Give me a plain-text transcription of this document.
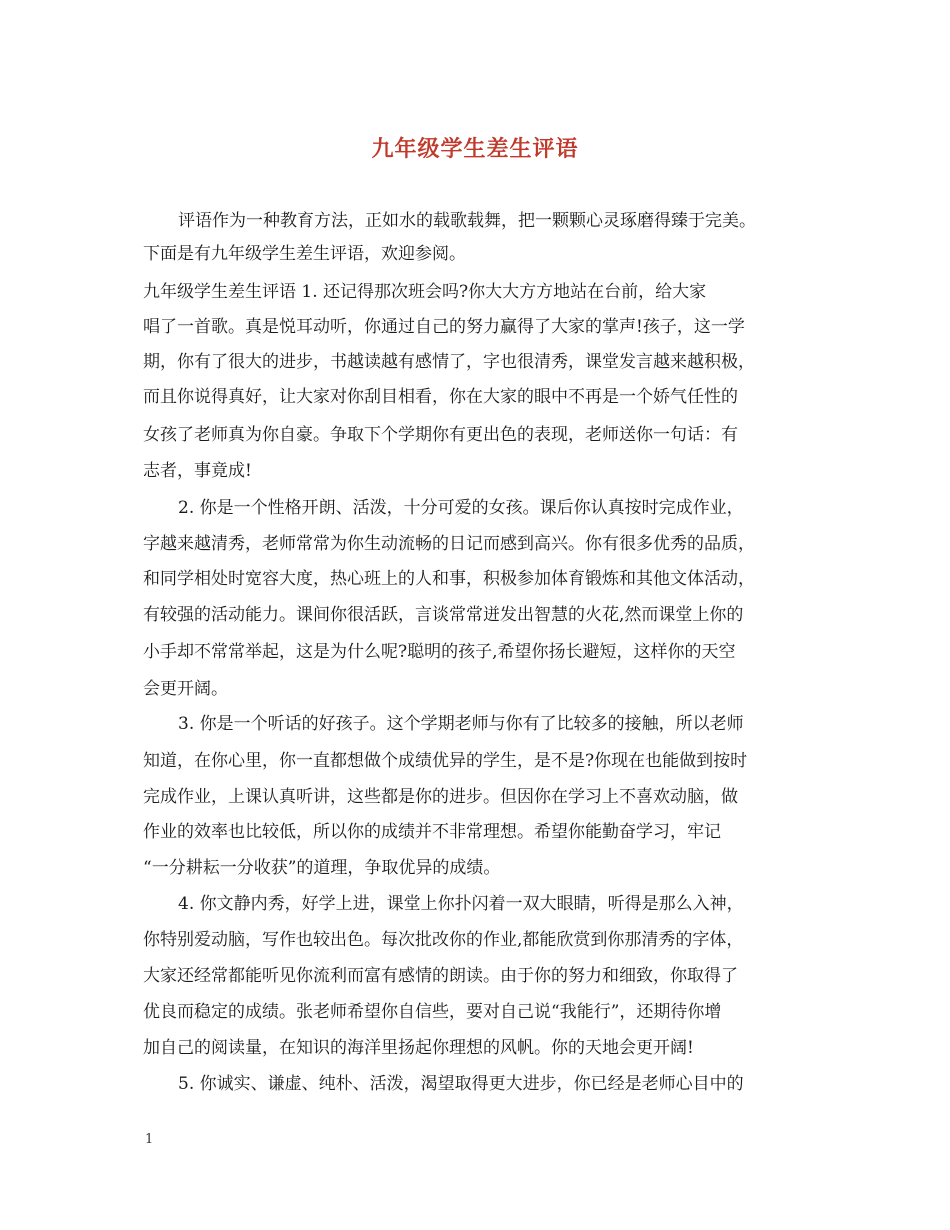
九年级学生差生评语
评语作为一种教育方法，正如水的载歌载舞，把一颗颗心灵琢磨得臻于完美。
下面是有九年级学生差生评语，欢迎参阅。
九年级学生差生评语 1. 还记得那次班会吗?你大大方方地站在台前，给大家
唱了一首歌。真是悦耳动听，你通过自己的努力赢得了大家的掌声!孩子，这一学
期，你有了很大的进步，书越读越有感情了，字也很清秀，课堂发言越来越积极，
而且你说得真好，让大家对你刮目相看，你在大家的眼中不再是一个娇气任性的
女孩了老师真为你自豪。争取下个学期你有更出色的表现，老师送你一句话：有
志者，事竟成!
2. 你是一个性格开朗、活泼，十分可爱的女孩。课后你认真按时完成作业，
字越来越清秀，老师常常为你生动流畅的日记而感到高兴。你有很多优秀的品质，
和同学相处时宽容大度，热心班上的人和事，积极参加体育锻炼和其他文体活动，
有较强的活动能力。课间你很活跃，言谈常常迸发出智慧的火花,然而课堂上你的
小手却不常常举起，这是为什么呢?聪明的孩子,希望你扬长避短，这样你的天空
会更开阔。
3. 你是一个听话的好孩子。这个学期老师与你有了比较多的接触，所以老师
知道，在你心里，你一直都想做个成绩优异的学生，是不是?你现在也能做到按时
完成作业，上课认真听讲，这些都是你的进步。但因你在学习上不喜欢动脑，做
作业的效率也比较低，所以你的成绩并不非常理想。希望你能勤奋学习，牢记
“一分耕耘一分收获”的道理，争取优异的成绩。
4. 你文静内秀，好学上进，课堂上你扑闪着一双大眼睛，听得是那么入神，
你特别爱动脑，写作也较出色。每次批改你的作业,都能欣赏到你那清秀的字体，
大家还经常都能听见你流利而富有感情的朗读。由于你的努力和细致，你取得了
优良而稳定的成绩。张老师希望你自信些，要对自己说“我能行”，还期待你增
加自己的阅读量，在知识的海洋里扬起你理想的风帆。你的天地会更开阔!
5. 你诚实、谦虚、纯朴、活泼，渴望取得更大进步，你已经是老师心目中的
1
